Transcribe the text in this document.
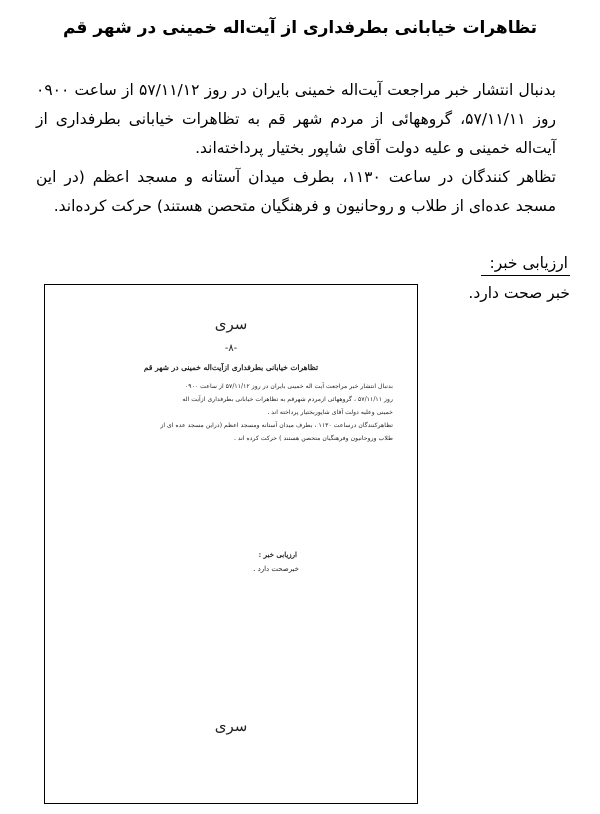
تظاهرات خیابانی بطرفداری از آیت‌اله خمینی در شهر قم

بدنبال انتشار خبر مراجعت آیت‌اله خمینی بایران در روز ۵۷/۱۱/۱۲ از ساعت ۰۹۰۰ روز ۵۷/۱۱/۱۱، گروههائی از مردم شهر قم به تظاهرات خیابانی بطرفداری از آیت‌اله خمینی و علیه دولت آقای شاپور بختیار پرداخته‌اند.

تظاهر کنندگان در ساعت ۱۱۳۰، بطرف میدان آستانه و مسجد اعظم (در این مسجد عده‌ای از طلاب و روحانیون و فرهنگیان متحصن هستند) حرکت کرده‌اند.

ارزیابی خبر:
خبر صحت دارد.
سری
-۸-
تظاهرات خیابانی بطرفداری ازآیت‌اله خمینی در شهر قم
بدنبال انتشار خبر مراجعت آیت اله خمینی بایران در روز ۵۷/۱۱/۱۲ از ساعت ۰۹۰۰
روز ۵۷/۱۱/۱۱ ، گروههائی ازمردم شهرقم به تظاهرات خیابانی بطرفداری ازآیت اله
خمینی وعلیه دولت آقای شاپوربختیار پرداخته اند .
تظاهرکنندگان درساعت ۱۱۳۰ ، بطرف میدان آستانه ومسجد اعظم (دراین مسجد عده ای از
طلاب وروحانیون وفرهنگیان متحصن هستند ) حرکت کرده اند .
ارزیابی خبر :
خبرصحت دارد .
سری
